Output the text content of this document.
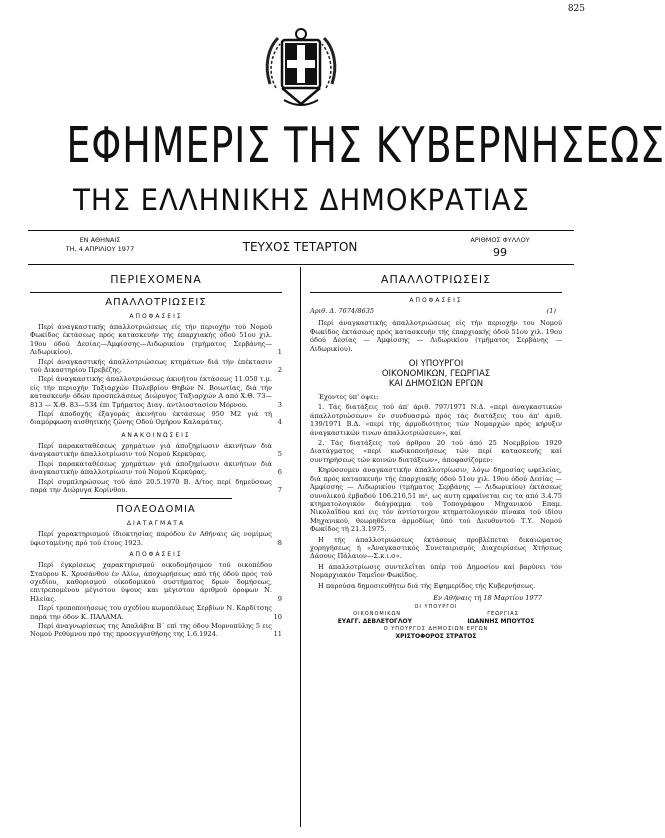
825
ΕΦΗΜΕΡΙΣ ΤΗΣ ΚΥΒΕΡΝΗΣΕΩΣ
ΤΗΣ ΕΛΛΗΝΙΚΗΣ ΔΗΜΟΚΡΑΤΙΑΣ
ΕΝ ΑΘΗΝΑΙΣ
ΤΗ, 4 ΑΠΡΙΛΙΟΥ 1977	ΤΕΥΧΟΣ ΤΕΤΑΡΤΟΝ	ΑΡΙΘΜΟΣ ΦΥΛΛΟΥ
99
ΠΕΡΙΕΧΟΜΕΝΑ
ΑΠΑΛΛΟΤΡΙΩΣΕΙΣ
ΑΠΟΦΑΣΕΙΣ
Περί άναγκαστικής άπαλλοτριώσεως είς τήν περιοχήν τού Νομού Φωκίδος έκτάσεως πρός κατασκευήν τής έπαρχιακής όδού 51ου χιλ. 19ου όδού Δεσίας—Άμφίσσης—Αιδωρικίου (τμήματος Σερβάνης—Λιδωρικίου).	1
Περί άναγκαστικής άπαλλοτριώσεως κτημάτων διά τήν έπέκτασιν τού Δικαστηρίου Πρεβέζης.	2
Περί άναγκαστικής άπαλλοτριώσεως άκινήτου έκτάσεως 11.050 τ.μ. είς τήν περιοχήν Ταξιαρχών Πυλεβρίου Θηβών Ν. Βοιωτίας, διά τήν κατασκευήν όδών προσπελάσεως Διώρυγος Ταξιαρχών Α από Χ.Θ. 73—813 — Χ.Θ. 83—534 έπι Τμήματος Διαγ. άντλιοστασίου Μόρνου.	3
Περί άποδοχής έξαγοράς άκινήτου έκτάσεως 950 Μ2 γιά τή διαμόρφωση αισθητικής ζώνης Οδού Ομήρου Καλαμάτας.	4
ΑΝΑΚΟΙΝΩΣΕΙΣ
Περί παρακαταθέσεως χρημάτων γιά άποζημίωσιν άκινήτων διά άναγκαστικήν άπαλλοτρίωσιν τού Νομού Κερκύρας.	5
Περί παρακαταθέσεως χρημάτων γιά άποζημίωσιν άκινήτων διά άναγκαστικήν άπαλλοτρίωσιν τού Νομού Κερκύρας.	6
Περί συμπληρώσεως τού άπό 20.5.1970 Β. Δ/τος περί δημεύσεως παρά την Διώρυγα Κορίνθου.	7
ΠΟΛΕΟΔΟΜΙΑ
ΔΙΑΤΑΓΜΑΤΑ
Περί χαρακτηρισμού ίδιοκτησίας παρόδου έν Αθήναις ώς νομίμως ύφισταμένης πρό τού έτους 1923.	8
ΑΠΟΦΑΣΕΙΣ
Περί έγκρίσεως χαρακτηρισμού οικοδομήσιμου τού οικοπέδου Σταύρου Κ. Χρυσάνθου έν Αλίω, άποχωρήσεως από τής όδού πρός τού σχεδίου, καθορισμού οίκοδομικού συστήματος δρων δομήσεως, επιτρεπομένου μέγιστου ύψους και μέγιστου άριθμού όροφων Ν. Ηλείας.	9
Περί τροποποιήσεως του σχεδίου κωμοπόλεως Σερβίων Ν. Καρδίτσης παρά την όδον Κ. ΠΑΛΑΜΑ.	10
Περί άναγνωρίσεως της Άπαλάβια Β΄ επί της όδου Μορνοπύλης 5 εις Νομού Ρεθύμνου πρό της προσεγγισθήσης της 1.6.1924.	11
ΑΠΑΛΛΟΤΡΙΩΣΕΙΣ
ΑΠΟΦΑΣΕΙΣ
Αριθ. Δ. 7674/8635	(1)
Περί άναγκαστικής άπαλλοτριώσεως είς τήν περιοχήν του Νομού Φωκίδος έκτάσεως πρός κατασκευήν τής έπαρχιακής όδού 51ου χιλ. 19ου όδού Δεσίας — Άμφίσσης — Λιδωρικίου (τμήματος Σερβάνης — Λιδωρικίου).
ΟΙ ΥΠΟΥΡΓΟΙ
ΟΙΚΟΝΟΜΙΚΩΝ, ΓΕΩΡΓΙΑΣ
ΚΑΙ ΔΗΜΟΣΙΩΝ ΕΡΓΩΝ
Έχοντες ύπ' όψει:
1. Τάς διατάξεις τού άπ' άριθ. 797/1971 Ν.Δ. «περί άναγκαστικών άπαλλοτριώσεων» έν συνδυασμώ πρός τάς διατάξεις του άπ' άριθ. 139/1971 Β.Δ. «περί τής άρμοδιότητος τών Νομαρχών πρός κήρυξιν άναγκαστικών τινων άπαλλοτριώσεων», καί
2. Τάς διατάξεις τού άρθρου 20 τού άπό 25 Νοεμβρίου 1929 Διατάγματος «περί κωδικοποιήσεως τών περί κατασκευής καί συντηρήσεως τών κοινών διατάξεων», άποφασίζομεν:
Κηρύσσομεν άναγκαστικήν άπαλλοτρίωσιν, λόγω δημοσίας ωφελείας, διά πρός κατασκευήν τής έπαρχιακής όδού 51ου χιλ. 19ου όδού Δεσίας — Άμφίσσης — Λιδωρικίου (τμήματος Σερβάνης — Λιδωρικίου) έκτάσεως συνολικού έμβαδού 106.216,51 m², ως αυτη εμφαίνεται εις τα από 3.4.75 κτηματολογικόν διάγραμμα τού Τοπογράφου Μηχανικού Επαμ. Νικολαΐδου καί εις τόν άντίστοιχον κτηματολογικόν πίνακα τού ίδίου Μηχανικού, θεωρηθέντα άρμοδίως ύπό τού Διευθυντού Τ.Υ. Νομού Φωκίδος τή 21.3.1975.
Η τής άπαλλοτριώσεως έκτάσεως προβλέπεται δικαιώματος χορηγήσεως ή «Άναγκαστικός Συνεταιρισμός Διαχειρίσεως Χτήσεως Δάσους Πάλαιον—Σ.κ.ι.σ».
Η άπαλλοτρίωσις συντελεΐται ύπέρ τού Δημοσίου καί βαρύνει τόν Νομαρχιακόν Ταμεΐον Φωκίδος.
Η παρούσα δημοσιευθήτω διά τής Εφημερίδος τής Κυβερνήσεως.
Εν Αθήναις τή 18 Μαρτίου 1977
ΟΙ ΥΠΟΥΡΓΟΙ
ΟΙΚΟΝΟΜΙΚΩΝ	ΓΕΩΡΓΙΑΣ
ΕΥΑΓΓ. ΔΕΒΛΕΤΟΓΛΟΥ	ΙΩΑΝΝΗΣ ΜΠΟΥΤΟΣ
Ο ΥΠΟΥΡΓΟΣ ΔΗΜΟΣΙΩΝ ΕΡΓΩΝ
ΧΡΙΣΤΟΦΟΡΟΣ ΣΤΡΑΤΟΣ
